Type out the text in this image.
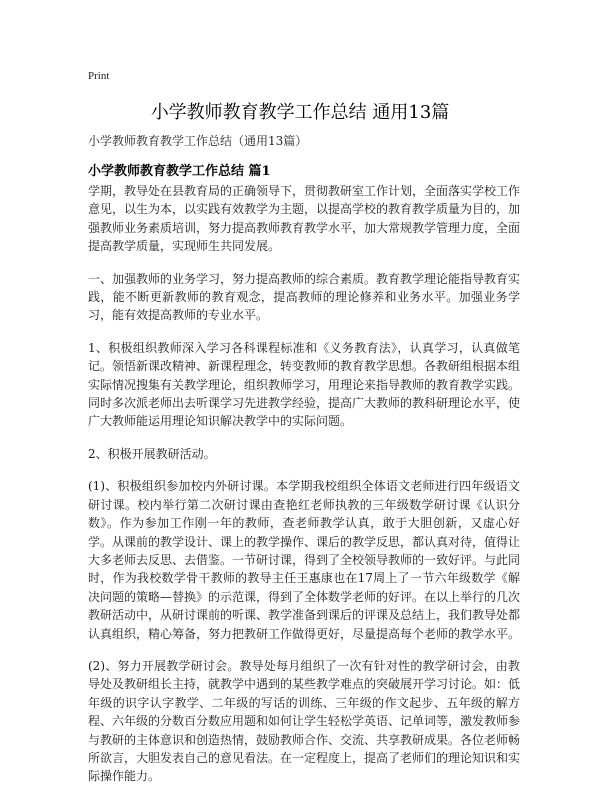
Print
小学教师教育教学工作总结 通用13篇
小学教师教育教学工作总结（通用13篇）
小学教师教育教学工作总结 篇1

学期，教导处在县教育局的正确领导下，贯彻教研室工作计划，全面落实学校工作意见，以生为本，以实践有效教学为主题，以提高学校的教育教学质量为目的，加强教师业务素质培训，努力提高教师教育教学水平，加大常规教学管理力度，全面提高教学质量，实现师生共同发展。

一、加强教师的业务学习，努力提高教师的综合素质。教育教学理论能指导教育实践，能不断更新教师的教育观念，提高教师的理论修养和业务水平。加强业务学习，能有效提高教师的专业水平。

1、积极组织教师深入学习各科课程标准和《义务教育法》，认真学习，认真做笔记。领悟新课改精神、新课程理念，转变教师的教育教学思想。各教研组根据本组实际情况搜集有关教学理论，组织教师学习，用理论来指导教师的教育教学实践。同时多次派老师出去听课学习先进教学经验，提高广大教师的教科研理论水平，使广大教师能运用理论知识解决教学中的实际问题。

2、积极开展教研活动。

(1)、积极组织参加校内外研讨课。本学期我校组织全体语文老师进行四年级语文研讨课。校内举行第二次研讨课由查艳红老师执教的三年级数学研讨课《认识分数》。作为参加工作刚一年的教师，查老师教学认真，敢于大胆创新，又虚心好学。从课前的教学设计、课上的教学操作、课后的教学反思，都认真对待，值得让大多老师去反思、去借鉴。一节研讨课，得到了全校领导教师的一致好评。与此同时，作为我校数学骨干教师的教导主任王惠康也在17周上了一节六年级数学《解决问题的策略—替换》的示范课，得到了全体数学老师的好评。在以上举行的几次教研活动中，从研讨课前的听课、教学准备到课后的评课及总结上，我们教导处都认真组织，精心筹备，努力把教研工作做得更好，尽量提高每个老师的教学水平。

(2)、努力开展教学研讨会。教导处每月组织了一次有针对性的教学研讨会，由教导处及教研组长主持，就教学中遇到的某些教学难点的突破展开学习讨论。如：低年级的识字认字教学、二年级的写话的训练、三年级的作文起步、五年级的解方程、六年级的分数百分数应用题和如何让学生轻松学英语、记单词等，激发教师参与教研的主体意识和创造热情，鼓励教师合作、交流、共享教研成果。各位老师畅所欲言，大胆发表自己的意见看法。在一定程度上，提高了老师们的理论知识和实际操作能力。
